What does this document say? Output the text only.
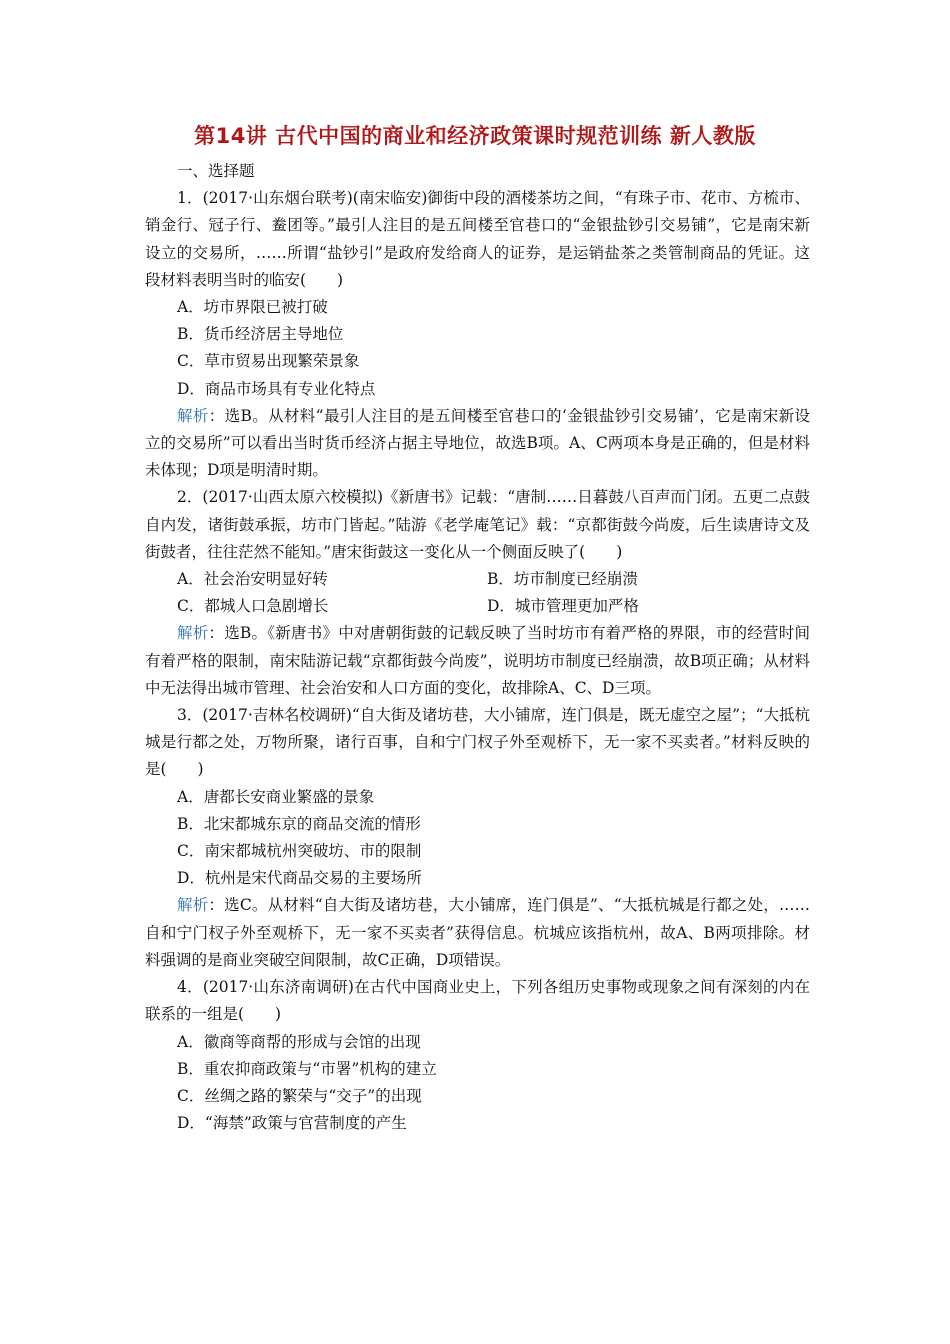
第14讲 古代中国的商业和经济政策课时规范训练 新人教版

一、选择题

1．(2017·山东烟台联考)(南宋临安)御街中段的酒楼茶坊之间，“有珠子市、花市、方梳市、销金行、冠子行、鲞团等。”最引人注目的是五间楼至官巷口的“金银盐钞引交易铺”，它是南宋新设立的交易所，……所谓“盐钞引”是政府发给商人的证券，是运销盐茶之类管制商品的凭证。这段材料表明当时的临安(　　)

A．坊市界限已被打破

B．货币经济居主导地位

C．草市贸易出现繁荣景象

D．商品市场具有专业化特点

解析：选B。从材料“最引人注目的是五间楼至官巷口的‘金银盐钞引交易铺’，它是南宋新设立的交易所”可以看出当时货币经济占据主导地位，故选B项。A、C两项本身是正确的，但是材料未体现；D项是明清时期。

2．(2017·山西太原六校模拟)《新唐书》记载：“唐制……日暮鼓八百声而门闭。五更二点鼓自内发，诸街鼓承振，坊市门皆起。”陆游《老学庵笔记》载：“京都街鼓今尚废，后生读唐诗文及街鼓者，往往茫然不能知。”唐宋街鼓这一变化从一个侧面反映了(　　)

A．社会治安明显好转	B．坊市制度已经崩溃
C．都城人口急剧增长	D．城市管理更加严格

解析：选B。《新唐书》中对唐朝街鼓的记载反映了当时坊市有着严格的界限，市的经营时间有着严格的限制，南宋陆游记载“京都街鼓今尚废”，说明坊市制度已经崩溃，故B项正确；从材料中无法得出城市管理、社会治安和人口方面的变化，故排除A、C、D三项。

3．(2017·吉林名校调研)“自大街及诸坊巷，大小铺席，连门俱是，既无虚空之屋”；“大抵杭城是行都之处，万物所聚，诸行百事，自和宁门杈子外至观桥下，无一家不买卖者。”材料反映的是(　　)

A．唐都长安商业繁盛的景象

B．北宋都城东京的商品交流的情形

C．南宋都城杭州突破坊、市的限制

D．杭州是宋代商品交易的主要场所

解析：选C。从材料“自大街及诸坊巷，大小铺席，连门俱是”、“大抵杭城是行都之处，……自和宁门杈子外至观桥下，无一家不买卖者”获得信息。杭城应该指杭州，故A、B两项排除。材料强调的是商业突破空间限制，故C正确，D项错误。

4．(2017·山东济南调研)在古代中国商业史上，下列各组历史事物或现象之间有深刻的内在联系的一组是(　　)

A．徽商等商帮的形成与会馆的出现

B．重农抑商政策与“市署”机构的建立

C．丝绸之路的繁荣与“交子”的出现

D．“海禁”政策与官营制度的产生
